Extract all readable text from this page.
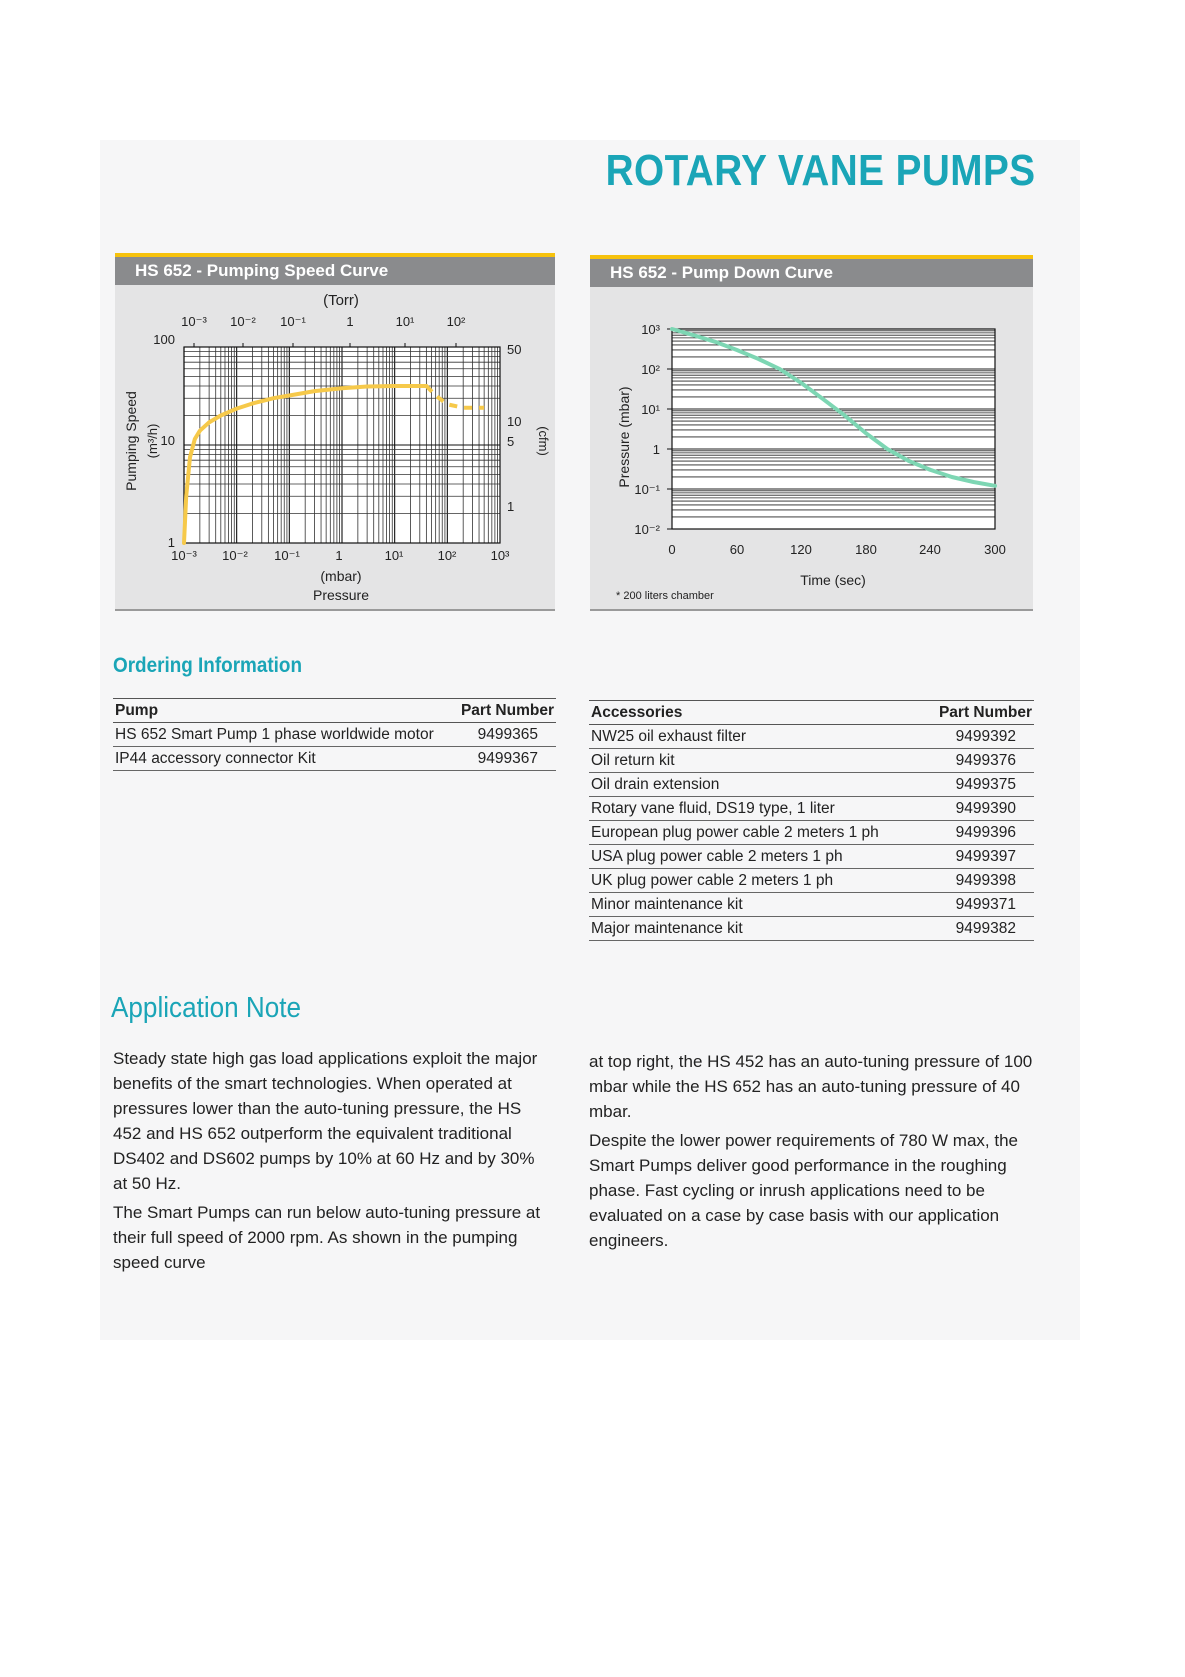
ROTARY VANE PUMPS
HS 652 - Pumping Speed Curve
(Torr)
10⁻³ 10⁻² 10⁻¹	1	10¹ 10²
100
10
1
50
10
5
1
10⁻³ 10⁻² 10⁻¹	1	10¹	10²	10³
(mbar)
Pressure
Pumping Speed (m³/h)	(cfm)
HS 652 - Pump Down Curve
10³
10²
10¹
1
10⁻¹
10⁻²
0	60	120	180	240	300
Time (sec)
Pressure (mbar)
* 200 liters chamber
Ordering Information
Pump	Part Number
HS 652 Smart Pump 1 phase worldwide motor	9499365
IP44 accessory connector Kit	9499367
Accessories	Part Number
NW25 oil exhaust filter	9499392
Oil return kit	9499376
Oil drain extension	9499375
Rotary vane fluid, DS19 type, 1 liter	9499390
European plug power cable 2 meters 1 ph	9499396
USA plug power cable 2 meters 1 ph	9499397
UK plug power cable 2 meters 1 ph	9499398
Minor maintenance kit	9499371
Major maintenance kit	9499382
Application Note

Steady state high gas load applications exploit the major benefits of the smart technologies. When operated at pressures lower than the auto-tuning pressure, the HS 452 and HS 652 outperform the equivalent traditional DS402 and DS602 pumps by 10% at 60 Hz and by 30% at 50 Hz.

The Smart Pumps can run below auto-tuning pressure at their full speed of 2000 rpm. As shown in the pumping speed curve

at top right, the HS 452 has an auto-tuning pressure of 100 mbar while the HS 652 has an auto-tuning pressure of 40 mbar.

Despite the lower power requirements of 780 W max, the Smart Pumps deliver good performance in the roughing phase. Fast cycling or inrush applications need to be evaluated on a case by case basis with our application engineers.
